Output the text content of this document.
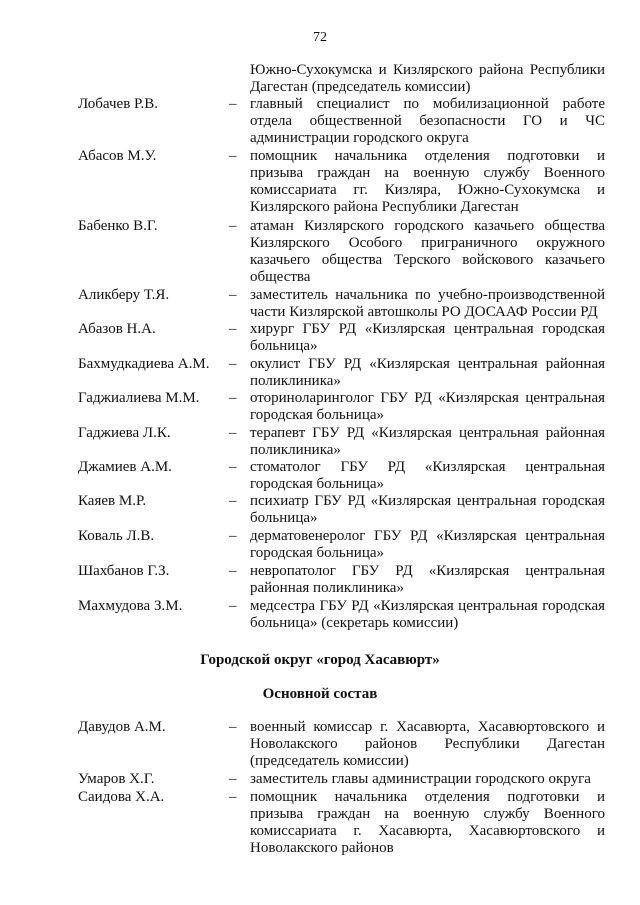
72
Южно-Сухокумска и Кизлярского района Республики Дагестан (председатель комиссии)
Лобачев Р.В.	– главный специалист по мобилизационной работе отдела общественной безопасности ГО и ЧС администрации городского округа
Абасов М.У.	– помощник начальника отделения подготовки и призыва граждан на военную службу Военного комиссариата гг. Кизляра, Южно-Сухокумска и Кизлярского района Республики Дагестан
Бабенко В.Г.	– атаман Кизлярского городского казачьего общества Кизлярского Особого приграничного окружного казачьего общества Терского войскового казачьего общества
Аликберу Т.Я.	– заместитель начальника по учебно-производственной части Кизлярской автошколы РО ДОСААФ России РД
Абазов Н.А.	– хирург ГБУ РД «Кизлярская центральная городская больница»
Бахмудкадиева А.М. – окулист ГБУ РД «Кизлярская центральная районная поликлиника»
Гаджиалиева М.М. – оториноларинголог ГБУ РД «Кизлярская центральная городская больница»
Гаджиева Л.К.	– терапевт ГБУ РД «Кизлярская центральная районная поликлиника»
Джамиев А.М.	– стоматолог ГБУ РД «Кизлярская центральная городская больница»
Каяев М.Р.	– психиатр ГБУ РД «Кизлярская центральная городская больница»
Коваль Л.В.	– дерматовенеролог ГБУ РД «Кизлярская центральная городская больница»
Шахбанов Г.З.	– невропатолог ГБУ РД «Кизлярская центральная районная поликлиника»
Махмудова З.М.	– медсестра ГБУ РД «Кизлярская центральная городская больница» (секретарь комиссии)
Городской округ «город Хасавюрт»
Основной состав
Давудов А.М.	– военный комиссар г. Хасавюрта, Хасавюртовского и Новолакского районов Республики Дагестан (председатель комиссии)
Умаров Х.Г.	– заместитель главы администрации городского округа
Саидова Х.А.	– помощник начальника отделения подготовки и призыва граждан на военную службу Военного комиссариата г. Хасавюрта, Хасавюртовского и Новолакского районов
